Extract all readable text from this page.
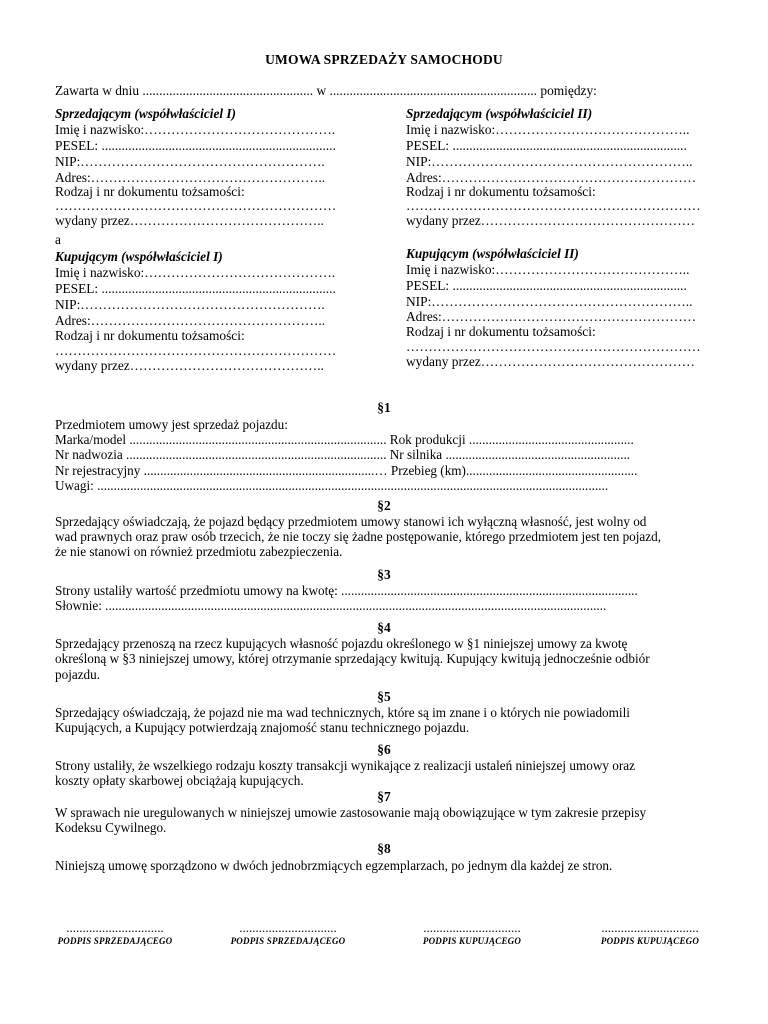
UMOWA SPRZEDAŻY SAMOCHODU
Zawarta w dniu ................................................... w .............................................................. pomiędzy:
Sprzedającym (współwłaściciel I)
Imię i nazwisko:…………………………………….
PESEL: ......................................................................
NIP:……………………………………………….
Adres:……………………………………………..
Rodzaj i nr dokumentu tożsamości:
………………………………………………………
wydany przez……………………………………..
Sprzedającym (współwłaściciel II)
Imię i nazwisko:……………………………………..
PESEL: ......................................................................
NIP:…………………………………………………..
Adres:…………………………………………………
Rodzaj i nr dokumentu tożsamości:
…………………………………………………………
wydany przez…………………………………………
a
Kupującym (współwłaściciel I)
Imię i nazwisko:…………………………………….
PESEL: ......................................................................
NIP:……………………………………………….
Adres:……………………………………………..
Rodzaj i nr dokumentu tożsamości:
………………………………………………………
wydany przez……………………………………..
Kupującym (współwłaściciel II)
Imię i nazwisko:……………………………………..
PESEL: ......................................................................
NIP:…………………………………………………..
Adres:…………………………………………………
Rodzaj i nr dokumentu tożsamości:
…………………………………………………………
wydany przez…………………………………………
§1
Przedmiotem umowy jest sprzedaż pojazdu:
Marka/model .............................................................................. Rok produkcji ..................................................
Nr nadwozia ............................................................................... Nr silnika ........................................................
Nr rejestracyjny ......................................................................… Przebieg (km)....................................................
Uwagi: ...........................................................................................................................................................
§2
Sprzedający oświadczają, że pojazd będący przedmiotem umowy stanowi ich wyłączną własność, jest wolny od
wad prawnych oraz praw osób trzecich, że nie toczy się żadne postępowanie, którego przedmiotem jest ten pojazd,
że nie stanowi on również przedmiotu zabezpieczenia.
§3
Strony ustaliły wartość przedmiotu umowy na kwotę: ..........................................................................................
Słownie: ........................................................................................................................................................
§4
Sprzedający przenoszą na rzecz kupujących własność pojazdu określonego w §1 niniejszej umowy za kwotę
określoną w §3 niniejszej umowy, której otrzymanie sprzedający kwitują. Kupujący kwitują jednocześnie odbiór
pojazdu.
§5
Sprzedający oświadczają, że pojazd nie ma wad technicznych, które są im znane i o których nie powiadomili
Kupujących, a Kupujący potwierdzają znajomość stanu technicznego pojazdu.
§6
Strony ustaliły, że wszelkiego rodzaju koszty transakcji wynikające z realizacji ustaleń niniejszej umowy oraz
koszty opłaty skarbowej obciążają kupujących.
§7
W sprawach nie uregulowanych w niniejszej umowie zastosowanie mają obowiązujące w tym zakresie przepisy
Kodeksu Cywilnego.
§8
Niniejszą umowę sporządzono w dwóch jednobrzmiących egzemplarzach, po jednym dla każdej ze stron.
..............................
PODPIS SPRZEDAJĄCEGO
..............................
PODPIS SPRZEDAJĄCEGO
..............................
PODPIS KUPUJĄCEGO
..............................
PODPIS KUPUJĄCEGO
